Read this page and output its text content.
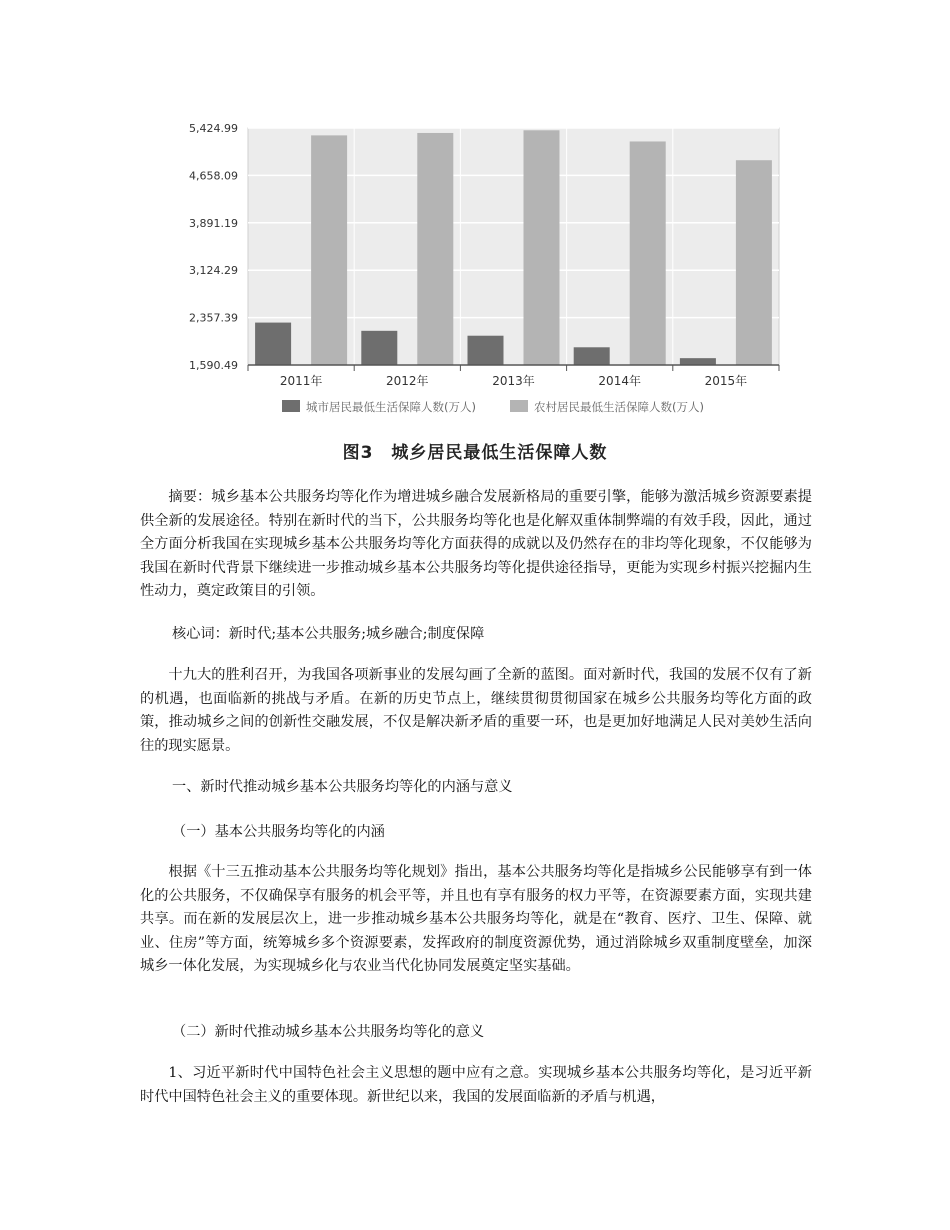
5,424.99
4,658.09
3,891.19
3,124.29
2,357.39
1,590.49
2011年	2012年	2013年	2014年	2015年
城市居民最低生活保障人数(万人)	农村居民最低生活保障人数(万人)
图3　城乡居民最低生活保障人数

摘要：城乡基本公共服务均等化作为增进城乡融合发展新格局的重要引擎，能够为激活城乡资源要素提供全新的发展途径。特别在新时代的当下，公共服务均等化也是化解双重体制弊端的有效手段，因此，通过全方面分析我国在实现城乡基本公共服务均等化方面获得的成就以及仍然存在的非均等化现象，不仅能够为我国在新时代背景下继续进一步推动城乡基本公共服务均等化提供途径指导，更能为实现乡村振兴挖掘内生性动力，奠定政策目的引领。

核心词：新时代;基本公共服务;城乡融合;制度保障

十九大的胜利召开，为我国各项新事业的发展勾画了全新的蓝图。面对新时代，我国的发展不仅有了新的机遇，也面临新的挑战与矛盾。在新的历史节点上，继续贯彻贯彻国家在城乡公共服务均等化方面的政策，推动城乡之间的创新性交融发展，不仅是解决新矛盾的重要一环，也是更加好地满足人民对美妙生活向往的现实愿景。

一、新时代推动城乡基本公共服务均等化的内涵与意义

（一）基本公共服务均等化的内涵

根据《十三五推动基本公共服务均等化规划》指出，基本公共服务均等化是指城乡公民能够享有到一体化的公共服务，不仅确保享有服务的机会平等，并且也有享有服务的权力平等，在资源要素方面，实现共建共享。而在新的发展层次上，进一步推动城乡基本公共服务均等化，就是在“教育、医疗、卫生、保障、就业、住房”等方面，统筹城乡多个资源要素，发挥政府的制度资源优势，通过消除城乡双重制度壁垒，加深城乡一体化发展，为实现城乡化与农业当代化协同发展奠定坚实基础。

（二）新时代推动城乡基本公共服务均等化的意义

1、习近平新时代中国特色社会主义思想的题中应有之意。实现城乡基本公共服务均等化，是习近平新时代中国特色社会主义的重要体现。新世纪以来，我国的发展面临新的矛盾与机遇，
